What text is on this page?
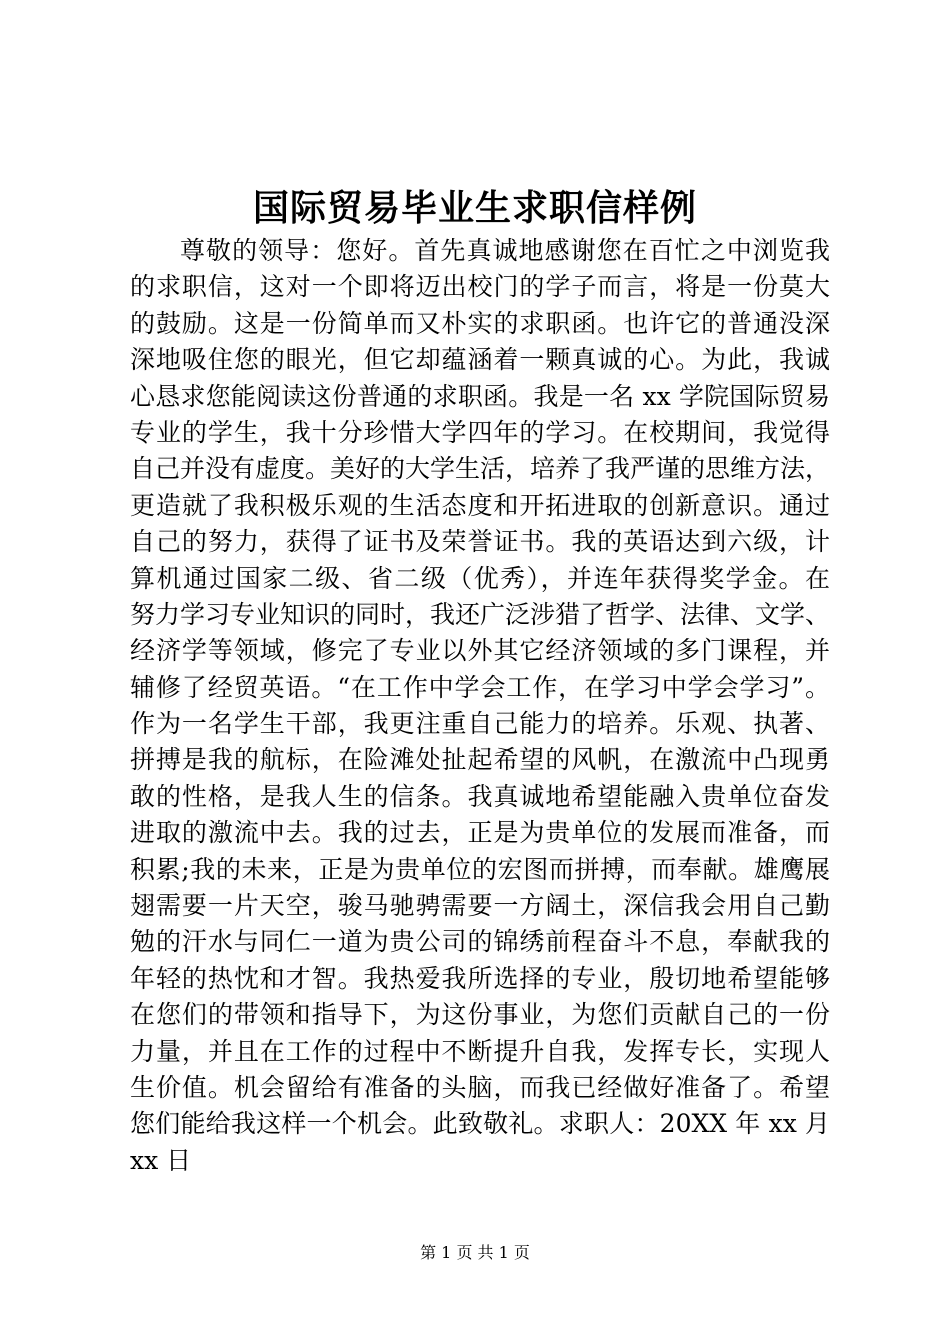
国际贸易毕业生求职信样例
尊敬的领导：您好。首先真诚地感谢您在百忙之中浏览我
的求职信，这对一个即将迈出校门的学子而言，将是一份莫大
的鼓励。这是一份简单而又朴实的求职函。也许它的普通没深
深地吸住您的眼光，但它却蕴涵着一颗真诚的心。为此，我诚
心恳求您能阅读这份普通的求职函。我是一名 xx 学院国际贸易
专业的学生，我十分珍惜大学四年的学习。在校期间，我觉得
自己并没有虚度。美好的大学生活，培养了我严谨的思维方法，
更造就了我积极乐观的生活态度和开拓进取的创新意识。通过
自己的努力，获得了证书及荣誉证书。我的英语达到六级，计
算机通过国家二级、省二级（优秀），并连年获得奖学金。在
努力学习专业知识的同时，我还广泛涉猎了哲学、法律、文学、
经济学等领域，修完了专业以外其它经济领域的多门课程，并
辅修了经贸英语。“在工作中学会工作，在学习中学会学习”。
作为一名学生干部，我更注重自己能力的培养。乐观、执著、
拼搏是我的航标，在险滩处扯起希望的风帆，在激流中凸现勇
敢的性格，是我人生的信条。我真诚地希望能融入贵单位奋发
进取的激流中去。我的过去，正是为贵单位的发展而准备，而
积累;我的未来，正是为贵单位的宏图而拼搏，而奉献。雄鹰展
翅需要一片天空，骏马驰骋需要一方阔土，深信我会用自己勤
勉的汗水与同仁一道为贵公司的锦绣前程奋斗不息，奉献我的
年轻的热忱和才智。我热爱我所选择的专业，殷切地希望能够
在您们的带领和指导下，为这份事业，为您们贡献自己的一份
力量，并且在工作的过程中不断提升自我，发挥专长，实现人
生价值。机会留给有准备的头脑，而我已经做好准备了。希望
您们能给我这样一个机会。此致敬礼。求职人：20XX 年 xx 月
xx 日
第 1 页 共 1 页
